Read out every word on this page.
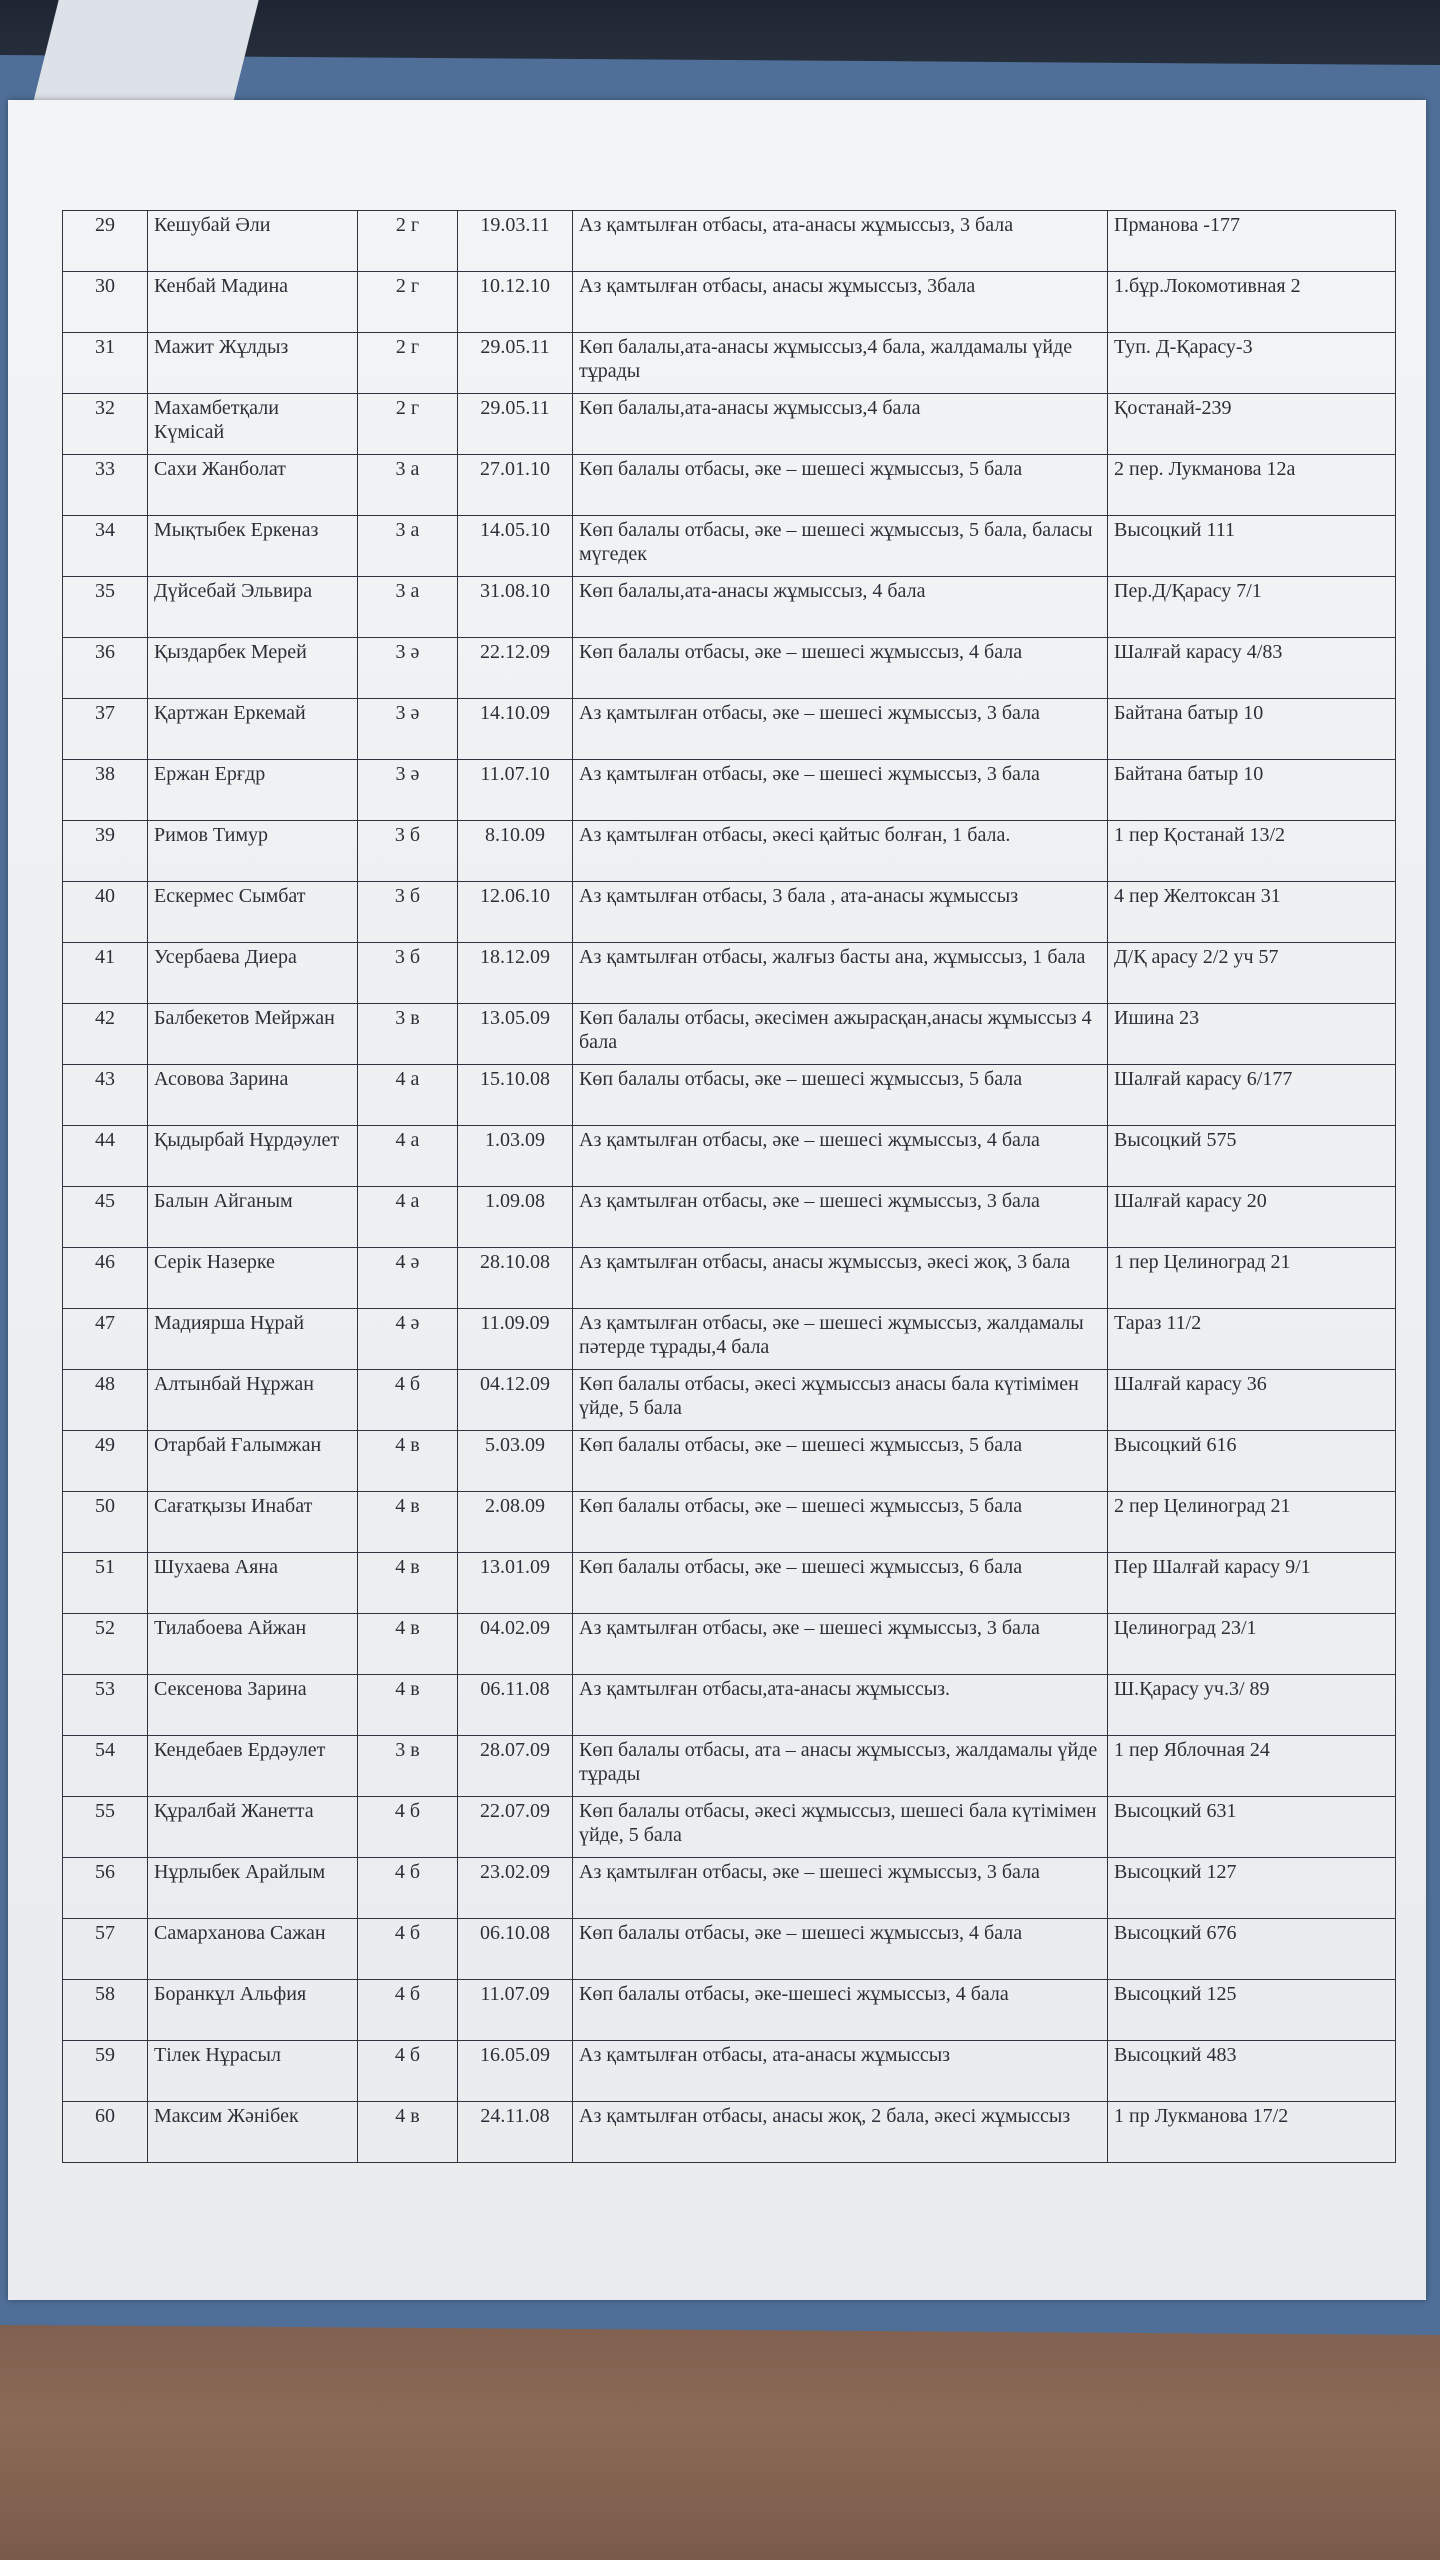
29	Кешубай Әли	2 г	19.03.11	Аз қамтылған отбасы, ата-анасы жұмыссыз, 3 бала	Прманова -177
30	Кенбай Мадина	2 г	10.12.10	Аз қамтылған отбасы, анасы жұмыссыз, 3бала	1.бұр.Локомотивная 2
31	Мажит Жұлдыз	2 г	29.05.11	Көп балалы,ата-анасы жұмыссыз,4 бала, жалдамалы үйде тұрады	Туп. Д-Қарасу-3
32	Махамбетқали Күмісай	2 г	29.05.11	Көп балалы,ата-анасы жұмыссыз,4 бала	Қостанай-239
33	Сахи Жанболат	3 а	27.01.10	Көп балалы отбасы, әке – шешесі жұмыссыз, 5 бала	2 пер. Лукманова 12а
34	Мықтыбек Еркеназ	3 а	14.05.10	Көп балалы отбасы, әке – шешесі жұмыссыз, 5 бала, баласы мүгедек	Высоцкий 111
35	Дүйсебай Эльвира	3 а	31.08.10	Көп балалы,ата-анасы жұмыссыз, 4 бала	Пер.Д/Қарасу 7/1
36	Қыздарбек Мерей	3 ә	22.12.09	Көп балалы отбасы, әке – шешесі жұмыссыз, 4 бала	Шалғай карасу 4/83
37	Қартжан Еркемай	3 ә	14.10.09	Аз қамтылған отбасы, әке – шешесі жұмыссыз, 3 бала	Байтана батыр 10
38	Ержан Ерғдр	3 ә	11.07.10	Аз қамтылған отбасы, әке – шешесі жұмыссыз, 3 бала	Байтана батыр 10
39	Римов Тимур	3 б	8.10.09	Аз қамтылған отбасы, әкесі қайтыс болған, 1 бала.	1 пер Қостанай 13/2
40	Ескермес Сымбат	3 б	12.06.10	Аз қамтылған отбасы, 3 бала , ата-анасы жұмыссыз	4 пер Желтоксан 31
41	Усербаева Диера	3 б	18.12.09	Аз қамтылған отбасы, жалғыз басты ана, жұмыссыз, 1 бала	Д/Қ арасу 2/2 уч 57
42	Балбекетов Мейржан	3 в	13.05.09	Көп балалы отбасы, әкесімен ажырасқан,анасы жұмыссыз 4 бала	Ишина 23
43	Асовова Зарина	4 а	15.10.08	Көп балалы отбасы, әке – шешесі жұмыссыз, 5 бала	Шалғай карасу 6/177
44	Қыдырбай Нұрдәулет	4 а	1.03.09	Аз қамтылған отбасы, әке – шешесі жұмыссыз, 4 бала	Высоцкий 575
45	Балын Айганым	4 а	1.09.08	Аз қамтылған отбасы, әке – шешесі жұмыссыз, 3 бала	Шалғай карасу 20
46	Серік Назерке	4 ә	28.10.08	Аз қамтылған отбасы, анасы жұмыссыз, әкесі жоқ, 3 бала	1 пер Целиноград 21
47	Мадиярша Нұрай	4 ә	11.09.09	Аз қамтылған отбасы, әке – шешесі жұмыссыз, жалдамалы пәтерде тұрады,4 бала	Тараз 11/2
48	Алтынбай Нұржан	4 б	04.12.09	Көп балалы отбасы, әкесі жұмыссыз анасы бала күтімімен үйде, 5 бала	Шалғай карасу 36
49	Отарбай Ғалымжан	4 в	5.03.09	Көп балалы отбасы, әке – шешесі жұмыссыз, 5 бала	Высоцкий 616
50	Сағатқызы Инабат	4 в	2.08.09	Көп балалы отбасы, әке – шешесі жұмыссыз, 5 бала	2 пер Целиноград 21
51	Шухаева Аяна	4 в	13.01.09	Көп балалы отбасы, әке – шешесі жұмыссыз, 6 бала	Пер Шалғай карасу 9/1
52	Тилабоева Айжан	4 в	04.02.09	Аз қамтылған отбасы, әке – шешесі жұмыссыз, 3 бала	Целиноград 23/1
53	Сексенова Зарина	4 в	06.11.08	Аз қамтылған отбасы,ата-анасы жұмыссыз.	Ш.Қарасу уч.3/ 89
54	Кендебаев Ердәулет	3 в	28.07.09	Көп балалы отбасы, ата – анасы жұмыссыз, жалдамалы үйде тұрады	1 пер Яблочная 24
55	Құралбай Жанетта	4 б	22.07.09	Көп балалы отбасы, әкесі жұмыссыз, шешесі бала күтімімен үйде, 5 бала	Высоцкий 631
56	Нұрлыбек Арайлым	4 б	23.02.09	Аз қамтылған отбасы, әке – шешесі жұмыссыз, 3 бала	Высоцкий 127
57	Самарханова Сажан	4 б	06.10.08	Көп балалы отбасы, әке – шешесі жұмыссыз, 4 бала	Высоцкий 676
58	Боранкұл Альфия	4 б	11.07.09	Көп балалы отбасы, әке-шешесі жұмыссыз, 4 бала	Высоцкий 125
59	Тілек Нұрасыл	4 б	16.05.09	Аз қамтылған отбасы, ата-анасы жұмыссыз	Высоцкий 483
60	Максим Жәнібек	4 в	24.11.08	Аз қамтылған отбасы, анасы жоқ, 2 бала, әкесі жұмыссыз	1 пр Лукманова 17/2
